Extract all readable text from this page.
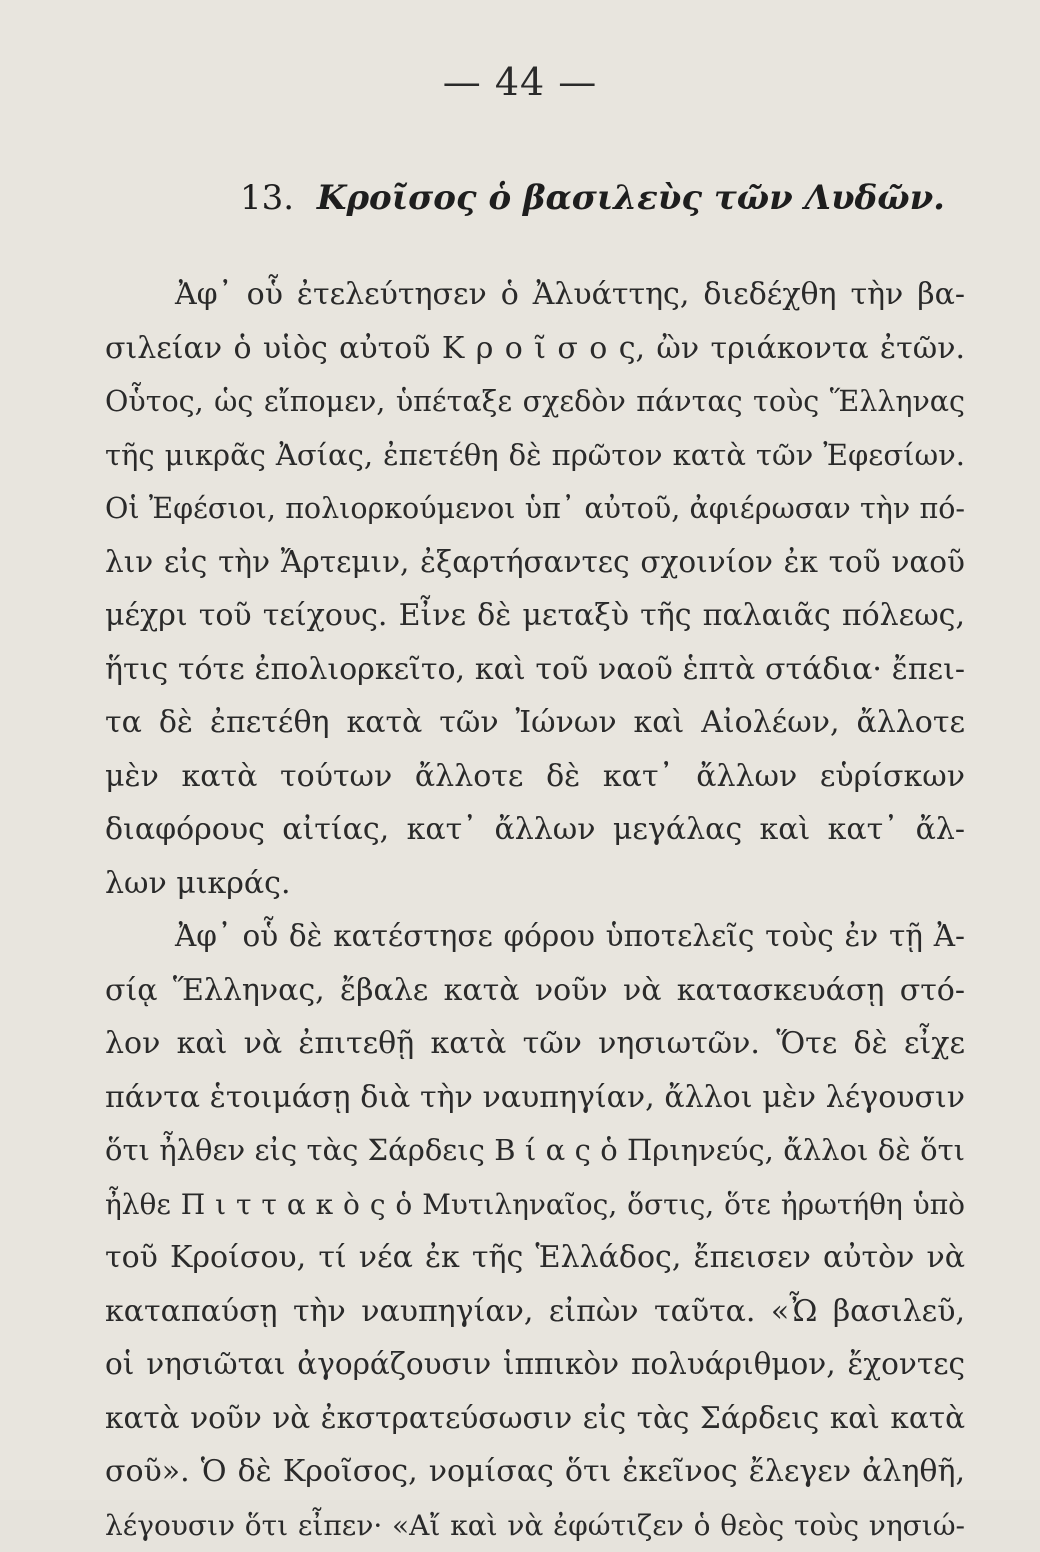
— 44 —
13. Κροῖσος ὁ βασιλεὺς τῶν Λυδῶν.
Ἀφ᾽ οὗ ἐτελεύτησεν ὁ Ἀλυάττης, διεδέχθη τὴν βα-
σιλείαν ὁ υἱὸς αὐτοῦ Κ ρ ο ῖ σ ο ς, ὢν τριάκοντα ἐτῶν.
Οὗτος, ὡς εἴπομεν, ὑπέταξε σχεδὸν πάντας τοὺς Ἕλληνας
τῆς μικρᾶς Ἀσίας, ἐπετέθη δὲ πρῶτον κατὰ τῶν Ἐφεσίων.
Οἱ Ἐφέσιοι, πολιορκούμενοι ὑπ᾽ αὐτοῦ, ἀφιέρωσαν τὴν πό-
λιν εἰς τὴν Ἄρτεμιν, ἐξαρτήσαντες σχοινίον ἐκ τοῦ ναοῦ
μέχρι τοῦ τείχους. Εἶνε δὲ μεταξὺ τῆς παλαιᾶς πόλεως,
ἥτις τότε ἐπολιορκεῖτο, καὶ τοῦ ναοῦ ἑπτὰ στάδια· ἔπει-
τα δὲ ἐπετέθη κατὰ τῶν Ἰώνων καὶ Αἰολέων, ἄλλοτε
μὲν κατὰ τούτων ἄλλοτε δὲ κατ᾽ ἄλλων εὑρίσκων
διαφόρους αἰτίας, κατ᾽ ἄλλων μεγάλας καὶ κατ᾽ ἄλ-
λων μικράς.
Ἀφ᾽ οὗ δὲ κατέστησε φόρου ὑποτελεῖς τοὺς ἐν τῇ Ἀ-
σίᾳ Ἕλληνας, ἔβαλε κατὰ νοῦν νὰ κατασκευάσῃ στό-
λον καὶ νὰ ἐπιτεθῇ κατὰ τῶν νησιωτῶν. Ὅτε δὲ εἶχε
πάντα ἑτοιμάσῃ διὰ τὴν ναυπηγίαν, ἄλλοι μὲν λέγουσιν
ὅτι ἦλθεν εἰς τὰς Σάρδεις Β ί α ς ὁ Πριηνεύς, ἄλλοι δὲ ὅτι
ἦλθε Π ι τ τ α κ ὸ ς ὁ Μυτιληναῖος, ὅστις, ὅτε ἠρωτήθη ὑπὸ
τοῦ Κροίσου, τί νέα ἐκ τῆς Ἑλλάδος, ἔπεισεν αὐτὸν νὰ
καταπαύσῃ τὴν ναυπηγίαν, εἰπὼν ταῦτα. «Ὦ βασιλεῦ,
οἱ νησιῶται ἀγοράζουσιν ἱππικὸν πολυάριθμον, ἔχοντες
κατὰ νοῦν νὰ ἐκστρατεύσωσιν εἰς τὰς Σάρδεις καὶ κατὰ
σοῦ». Ὁ δὲ Κροῖσος, νομίσας ὅτι ἐκεῖνος ἔλεγεν ἀληθῆ,
λέγουσιν ὅτι εἶπεν· «Αἴ καὶ νὰ ἐφώτιζεν ὁ θεὸς τοὺς νησιώ-
